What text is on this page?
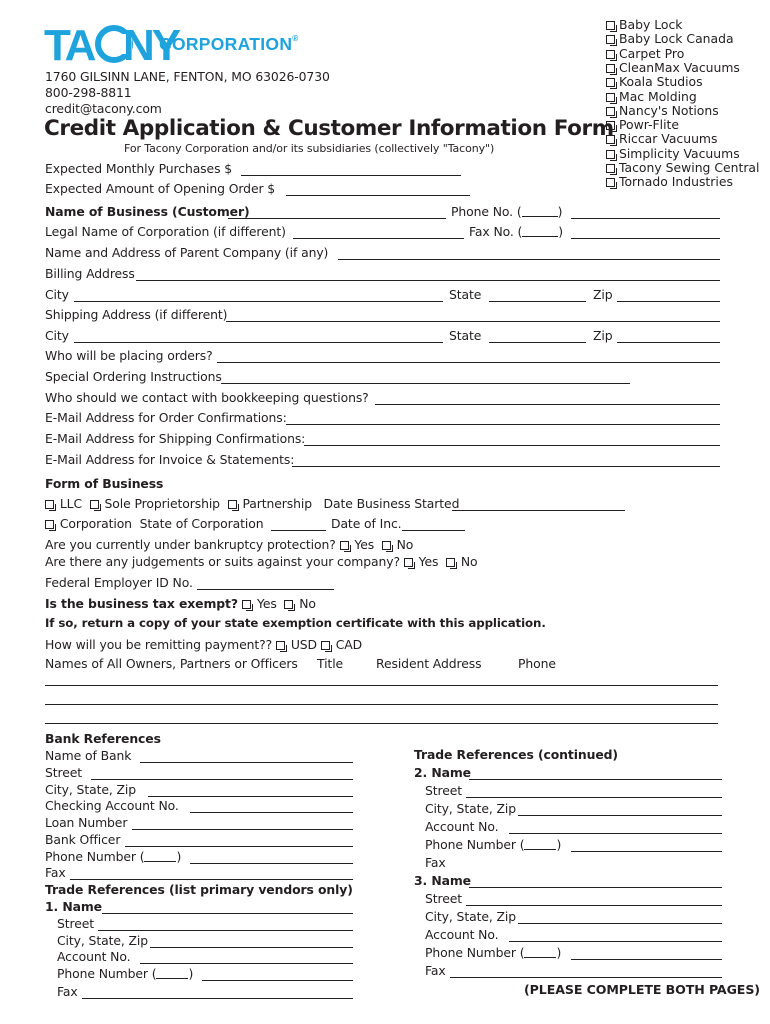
TA NY
CORPORATION®
1760 GILSINN LANE, FENTON, MO 63026-0730
800-298-8811
credit@tacony.com
Baby Lock
Baby Lock Canada
Carpet Pro
CleanMax Vacuums
Koala Studios
Mac Molding
Nancy's Notions
Powr-Flite
Riccar Vacuums
Simplicity Vacuums
Tacony Sewing Central
Tornado Industries
Credit Application & Customer Information Form
For Tacony Corporation and/or its subsidiaries (collectively "Tacony")
Expected Monthly Purchases $
Expected Amount of Opening Order $
Name of Business (Customer)	Phone No. (	)
Legal Name of Corporation (if different)	Fax No. (	)
Name and Address of Parent Company (if any)
Billing Address
City	State	Zip
Shipping Address (if different)
City	State	Zip
Who will be placing orders?
Special Ordering Instructions
Who should we contact with bookkeeping questions?
E-Mail Address for Order Confirmations:
E-Mail Address for Shipping Confirmations:
E-Mail Address for Invoice & Statements:
Form of Business
LLC Sole Proprietorship Partnership Date Business Started
Corporation State of Corporation	Date of Inc.
Are you currently under bankruptcy protection? Yes No
Are there any judgements or suits against your company? Yes No
Federal Employer ID No.
Is the business tax exempt? Yes No
If so, return a copy of your state exemption certificate with this application.
How will you be remitting payment?? USD CAD
Names of All Owners, Partners or Officers Title	Resident Address	Phone
Bank References
Name of Bank
Street
City, State, Zip
Checking Account No.
Loan Number
Bank Officer
Phone Number (	)
Fax
Trade References (list primary vendors only)
1. Name
Street
City, State, Zip
Account No.
Phone Number (	)
Fax
Trade References (continued)
2. Name
Street
City, State, Zip
Account No.
Phone Number (	)
Fax
3. Name
Street
City, State, Zip
Account No.
Phone Number (	)
Fax
(PLEASE COMPLETE BOTH PAGES)
